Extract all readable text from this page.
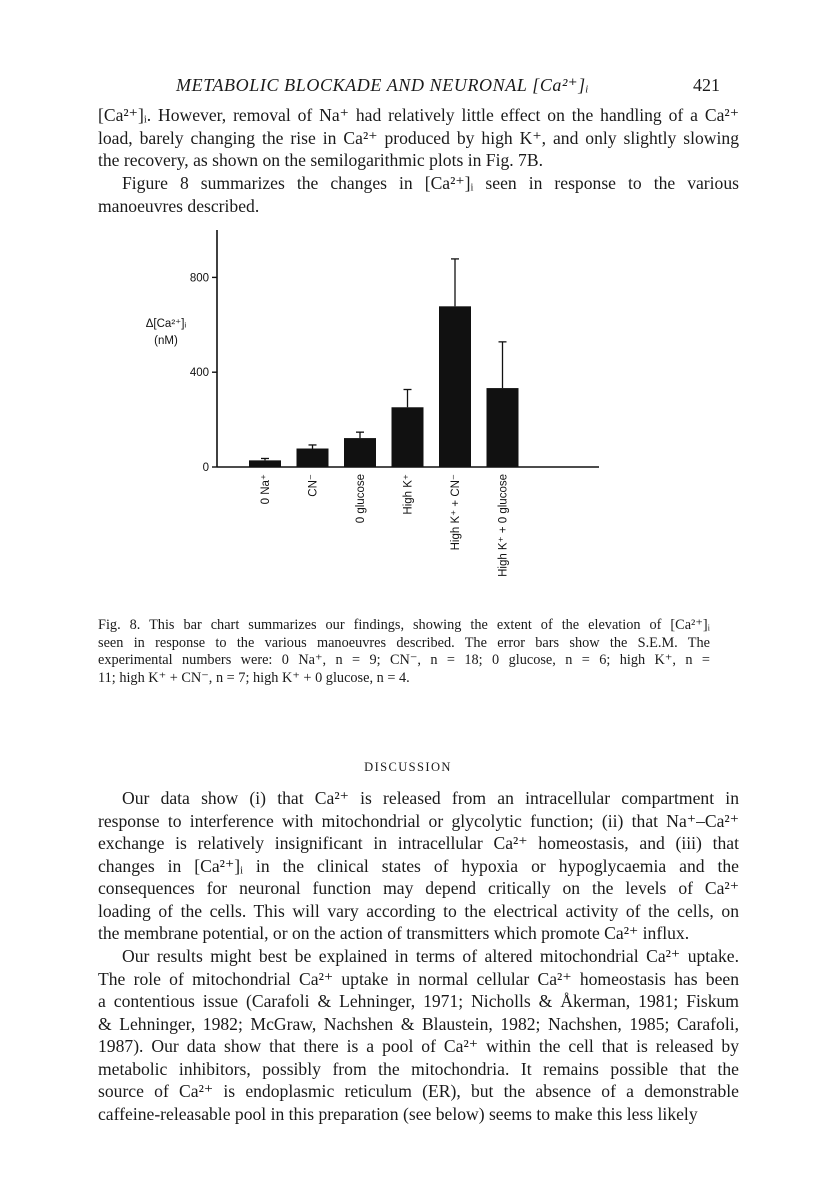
METABOLIC BLOCKADE AND NEURONAL [Ca²⁺]ᵢ	421
[Ca²⁺]ᵢ. However, removal of Na⁺ had relatively little effect on the handling of a Ca²⁺
load, barely changing the rise in Ca²⁺ produced by high K⁺, and only slightly slowing
the recovery, as shown on the semilogarithmic plots in Fig. 7B.
Figure 8 summarizes the changes in [Ca²⁺]ᵢ seen in response to the various
manoeuvres described.
0
400
800
Δ[Ca²⁺]ᵢ
(nM)
0 Na⁺	CN⁻	0 glucose	High K⁺	High K⁺ + CN⁻	High K⁺ + 0 glucose
Fig. 8. This bar chart summarizes our findings, showing the extent of the elevation of [Ca²⁺]ᵢ
seen in response to the various manoeuvres described. The error bars show the S.E.M. The
experimental numbers were: 0 Na⁺, n = 9; CN⁻, n = 18; 0 glucose, n = 6; high K⁺, n =
11; high K⁺ + CN⁻, n = 7; high K⁺ + 0 glucose, n = 4.
DISCUSSION
Our data show (i) that Ca²⁺ is released from an intracellular compartment in
response to interference with mitochondrial or glycolytic function; (ii) that Na⁺–Ca²⁺
exchange is relatively insignificant in intracellular Ca²⁺ homeostasis, and (iii) that
changes in [Ca²⁺]ᵢ in the clinical states of hypoxia or hypoglycaemia and the
consequences for neuronal function may depend critically on the levels of Ca²⁺
loading of the cells. This will vary according to the electrical activity of the cells, on
the membrane potential, or on the action of transmitters which promote Ca²⁺ influx.
Our results might best be explained in terms of altered mitochondrial Ca²⁺ uptake.
The role of mitochondrial Ca²⁺ uptake in normal cellular Ca²⁺ homeostasis has been
a contentious issue (Carafoli & Lehninger, 1971; Nicholls & Åkerman, 1981; Fiskum
& Lehninger, 1982; McGraw, Nachshen & Blaustein, 1982; Nachshen, 1985; Carafoli,
1987). Our data show that there is a pool of Ca²⁺ within the cell that is released by
metabolic inhibitors, possibly from the mitochondria. It remains possible that the
source of Ca²⁺ is endoplasmic reticulum (ER), but the absence of a demonstrable
caffeine-releasable pool in this preparation (see below) seems to make this less likely
